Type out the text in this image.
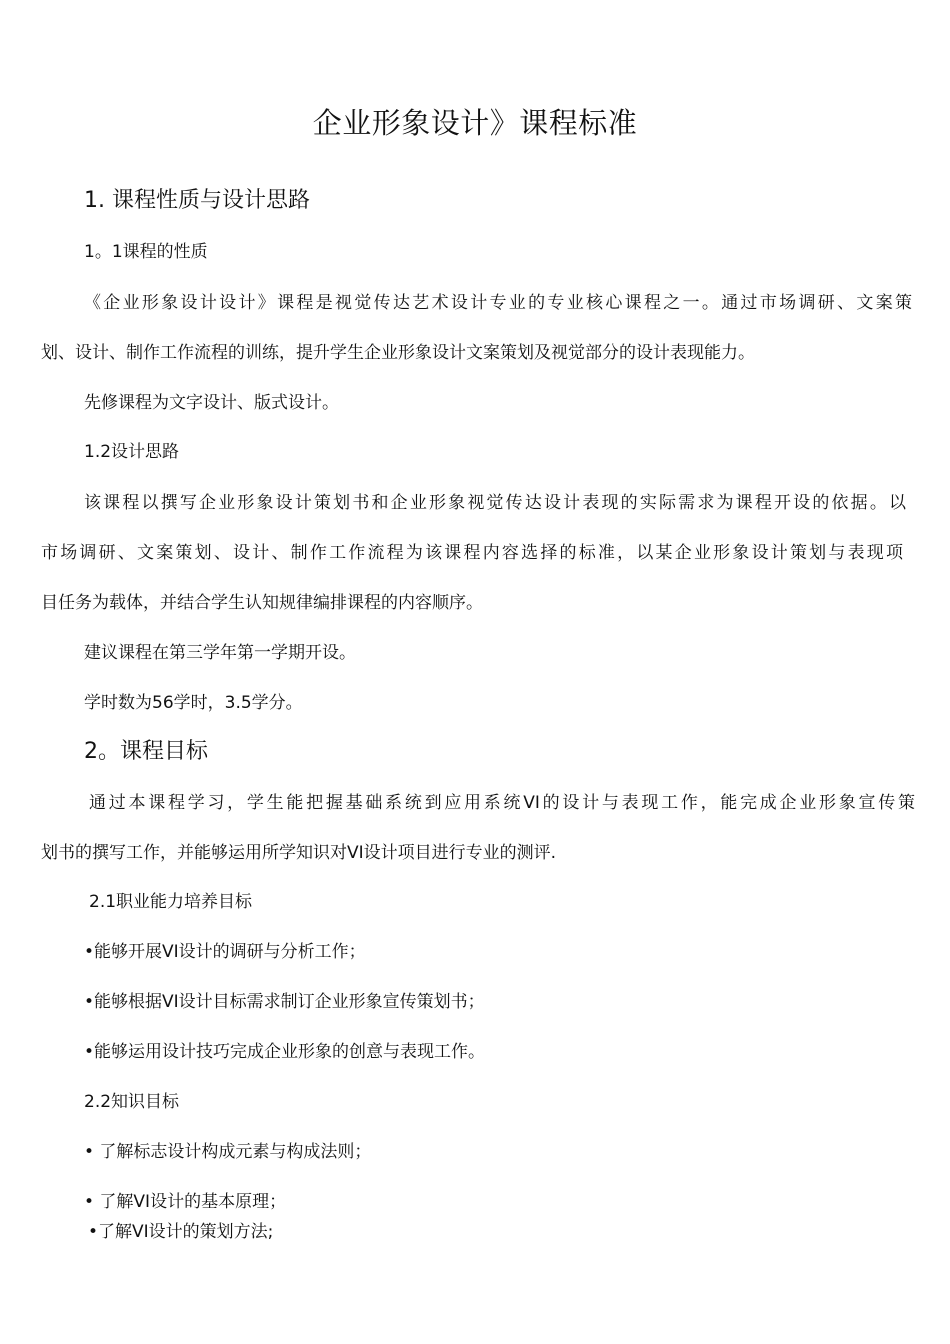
企业形象设计》课程标准
1. 课程性质与设计思路
1。1课程的性质
《企业形象设计设计》课程是视觉传达艺术设计专业的专业核心课程之一。通过市场调研、文案策
划、设计、制作工作流程的训练，提升学生企业形象设计文案策划及视觉部分的设计表现能力。
先修课程为文字设计、版式设计。
1.2设计思路
该课程以撰写企业形象设计策划书和企业形象视觉传达设计表现的实际需求为课程开设的依据。以
市场调研、文案策划、设计、制作工作流程为该课程内容选择的标准，以某企业形象设计策划与表现项
目任务为载体，并结合学生认知规律编排课程的内容顺序。
建议课程在第三学年第一学期开设。
学时数为56学时，3.5学分。
2。课程目标
通过本课程学习，学生能把握基础系统到应用系统VI的设计与表现工作，能完成企业形象宣传策
划书的撰写工作，并能够运用所学知识对VI设计项目进行专业的测评.
2.1职业能力培养目标
•能够开展VI设计的调研与分析工作；
•能够根据VI设计目标需求制订企业形象宣传策划书；
•能够运用设计技巧完成企业形象的创意与表现工作。
2.2知识目标
• 了解标志设计构成元素与构成法则；
• 了解VI设计的基本原理；
•了解VI设计的策划方法;
